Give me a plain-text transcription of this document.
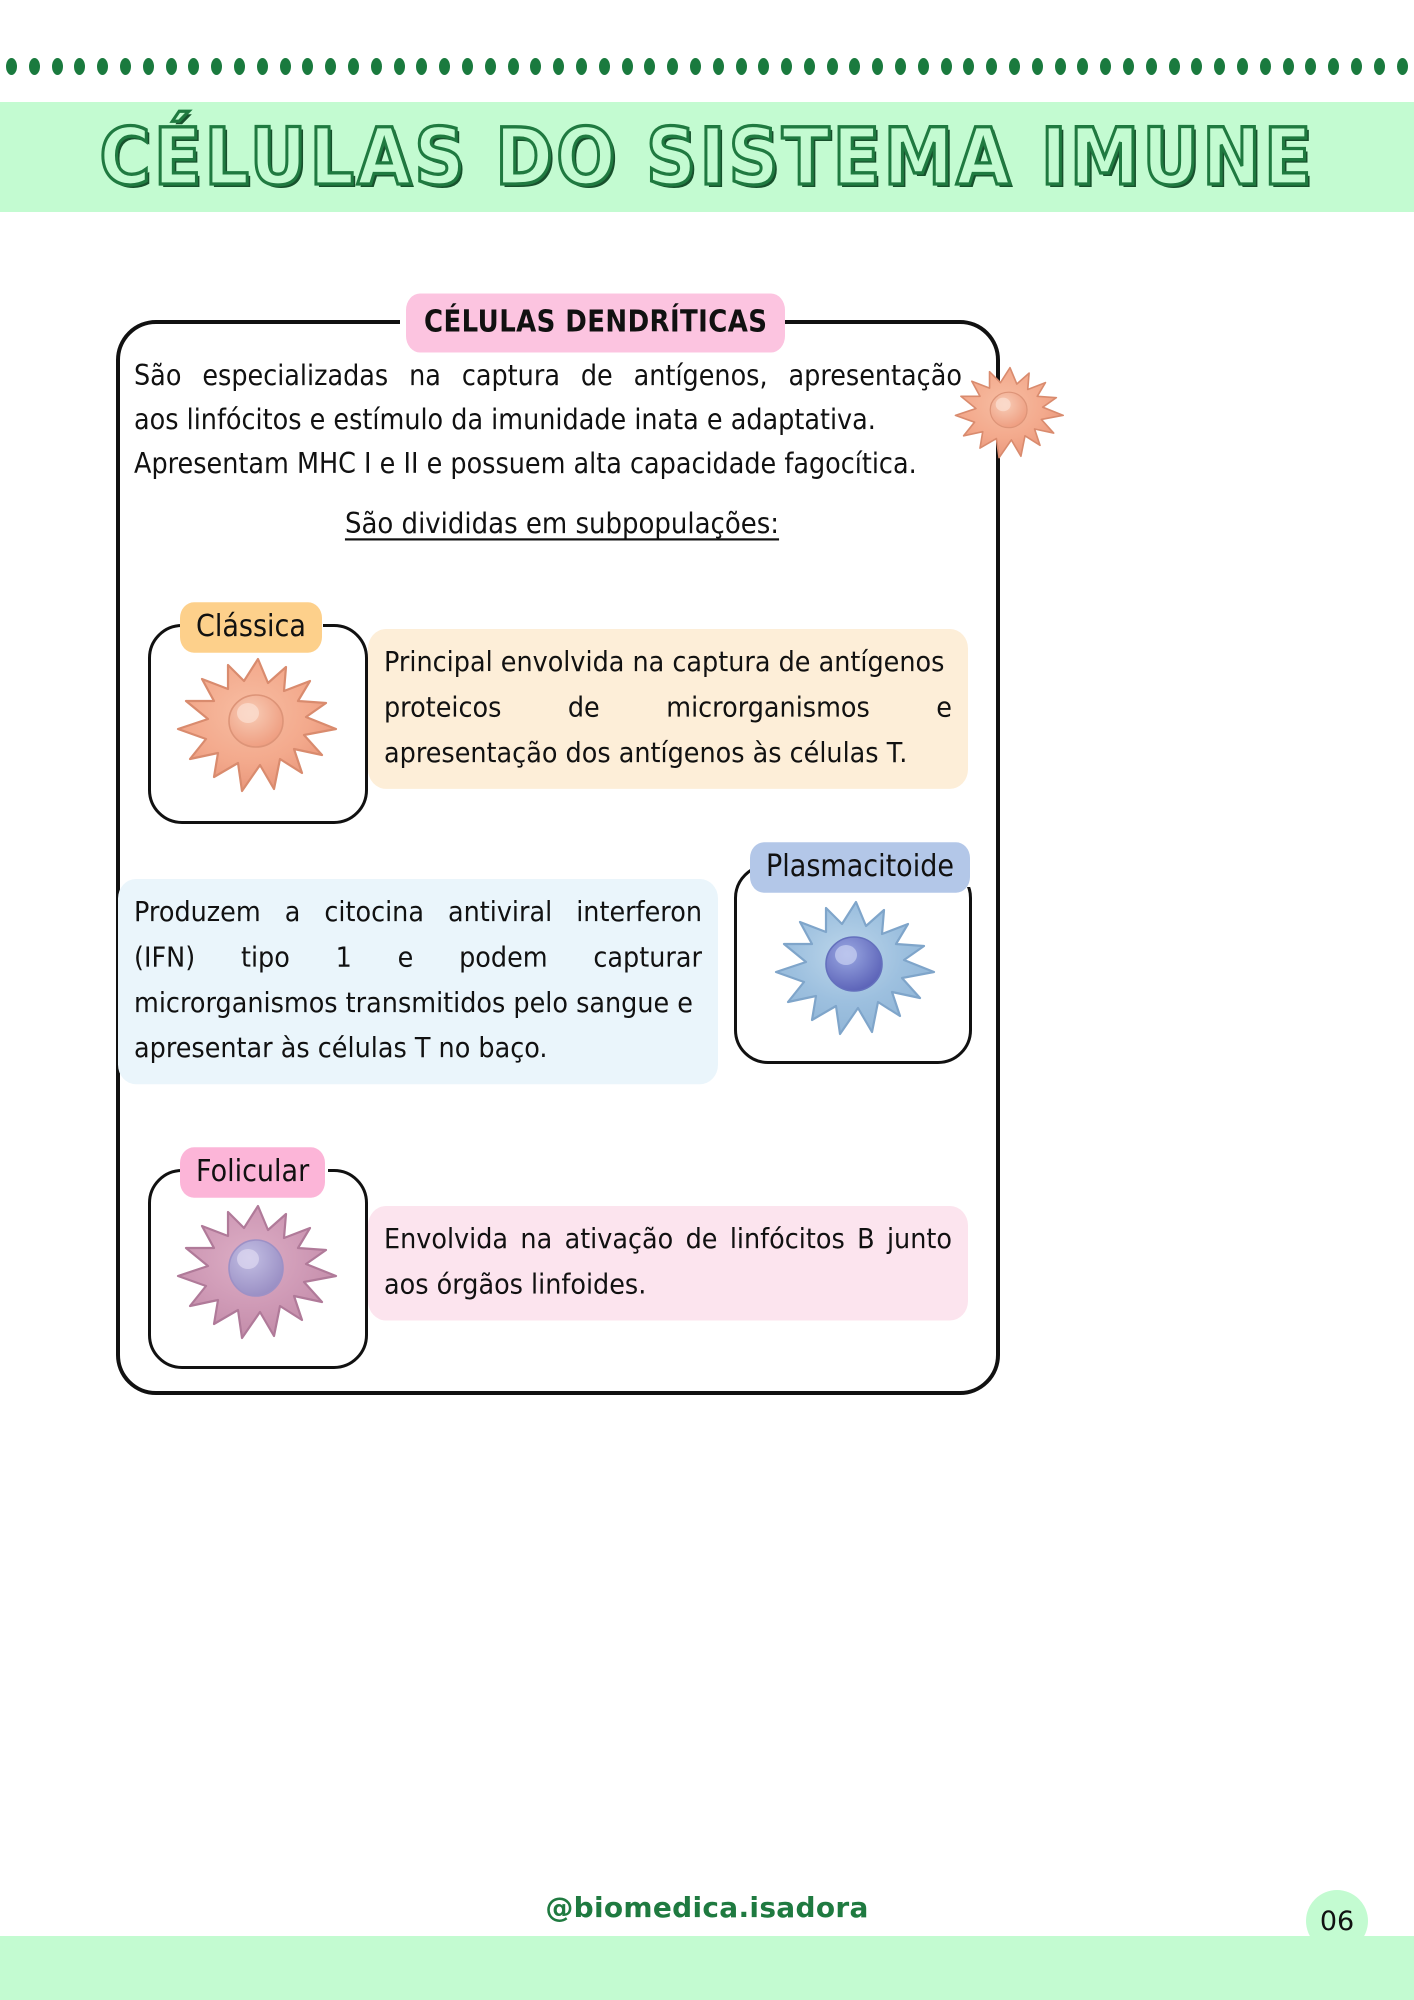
CÉLULAS DO SISTEMA IMUNE
CÉLULAS DENDRÍTICAS

São especializadas na captura de antígenos, apresentação

aos linfócitos e estímulo da imunidade inata e adaptativa.

Apresentam MHC I e II e possuem alta capacidade fagocítica.

São divididas em subpopulações:
Clássica

Principal envolvida na captura de antígenos

proteicos	de	microrganismos	e

apresentação dos antígenos às células T.

Plasmacitoide

Produzem a citocina antiviral interferon

(IFN) tipo 1 e podem capturar

microrganismos transmitidos pelo sangue e

apresentar às células T no baço.

Folicular

Envolvida na ativação de linfócitos B junto

aos órgãos linfoides.

06
@biomedica.isadora
